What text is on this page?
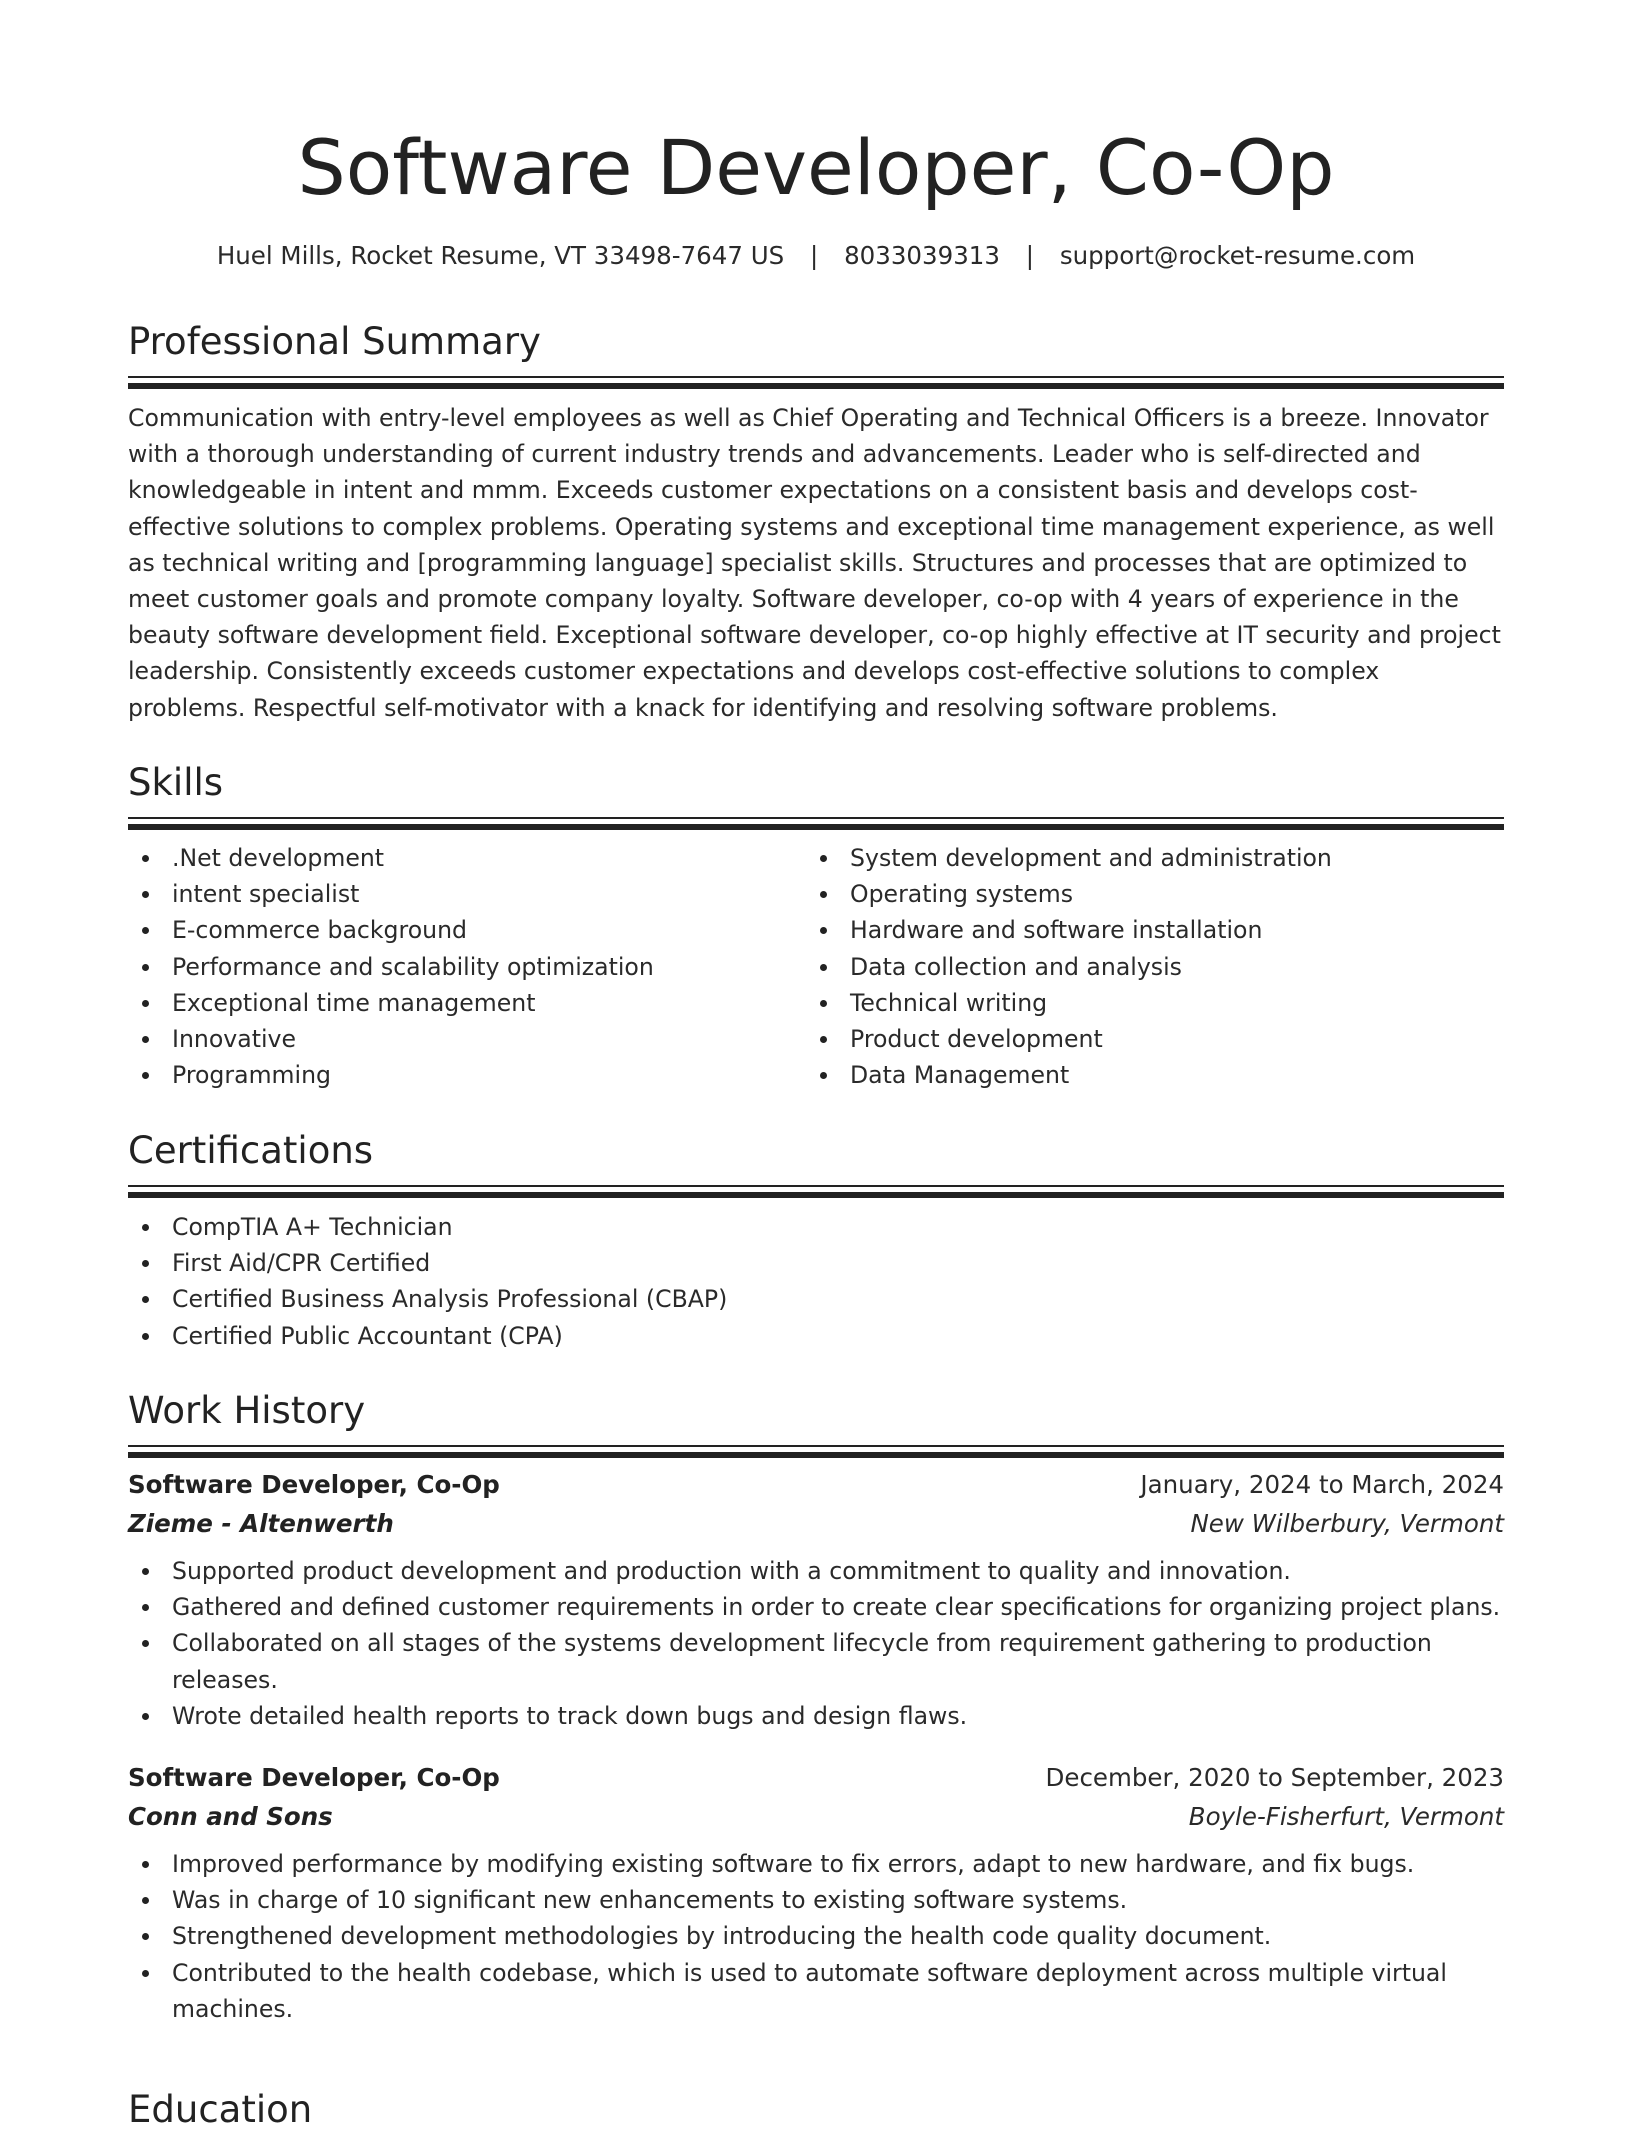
Software Developer, Co-Op
Huel Mills, Rocket Resume, VT 33498-7647 US | 8033039313 | support@rocket-resume.com
Professional Summary

Communication with entry-level employees as well as Chief Operating and Technical Officers is a breeze. Innovator with a thorough understanding of current industry trends and advancements. Leader who is self-directed and knowledgeable in intent and mmm. Exceeds customer expectations on a consistent basis and develops cost-effective solutions to complex problems. Operating systems and exceptional time management experience, as well as technical writing and [programming language] specialist skills. Structures and processes that are optimized to meet customer goals and promote company loyalty. Software developer, co-op with 4 years of experience in the beauty software development field. Exceptional software developer, co-op highly effective at IT security and project leadership. Consistently exceeds customer expectations and develops cost-effective solutions to complex problems. Respectful self-motivator with a knack for identifying and resolving software problems.

Skills
.Net development
intent specialist
E-commerce background
Performance and scalability optimization
Exceptional time management
Innovative
Programming
System development and administration
Operating systems
Hardware and software installation
Data collection and analysis
Technical writing
Product development
Data Management
Certifications
CompTIA A+ Technician
First Aid/CPR Certified
Certified Business Analysis Professional (CBAP)
Certified Public Accountant (CPA)
Work History
Software Developer, Co-Op	January, 2024 to March, 2024
Zieme - Altenwerth	New Wilberbury, Vermont
Supported product development and production with a commitment to quality and innovation.
Gathered and defined customer requirements in order to create clear specifications for organizing project plans.
Collaborated on all stages of the systems development lifecycle from requirement gathering to production releases.
Wrote detailed health reports to track down bugs and design flaws.
Software Developer, Co-Op	December, 2020 to September, 2023
Conn and Sons	Boyle-Fisherfurt, Vermont
Improved performance by modifying existing software to fix errors, adapt to new hardware, and fix bugs.
Was in charge of 10 significant new enhancements to existing software systems.
Strengthened development methodologies by introducing the health code quality document.
Contributed to the health codebase, which is used to automate software deployment across multiple virtual machines.
Education
